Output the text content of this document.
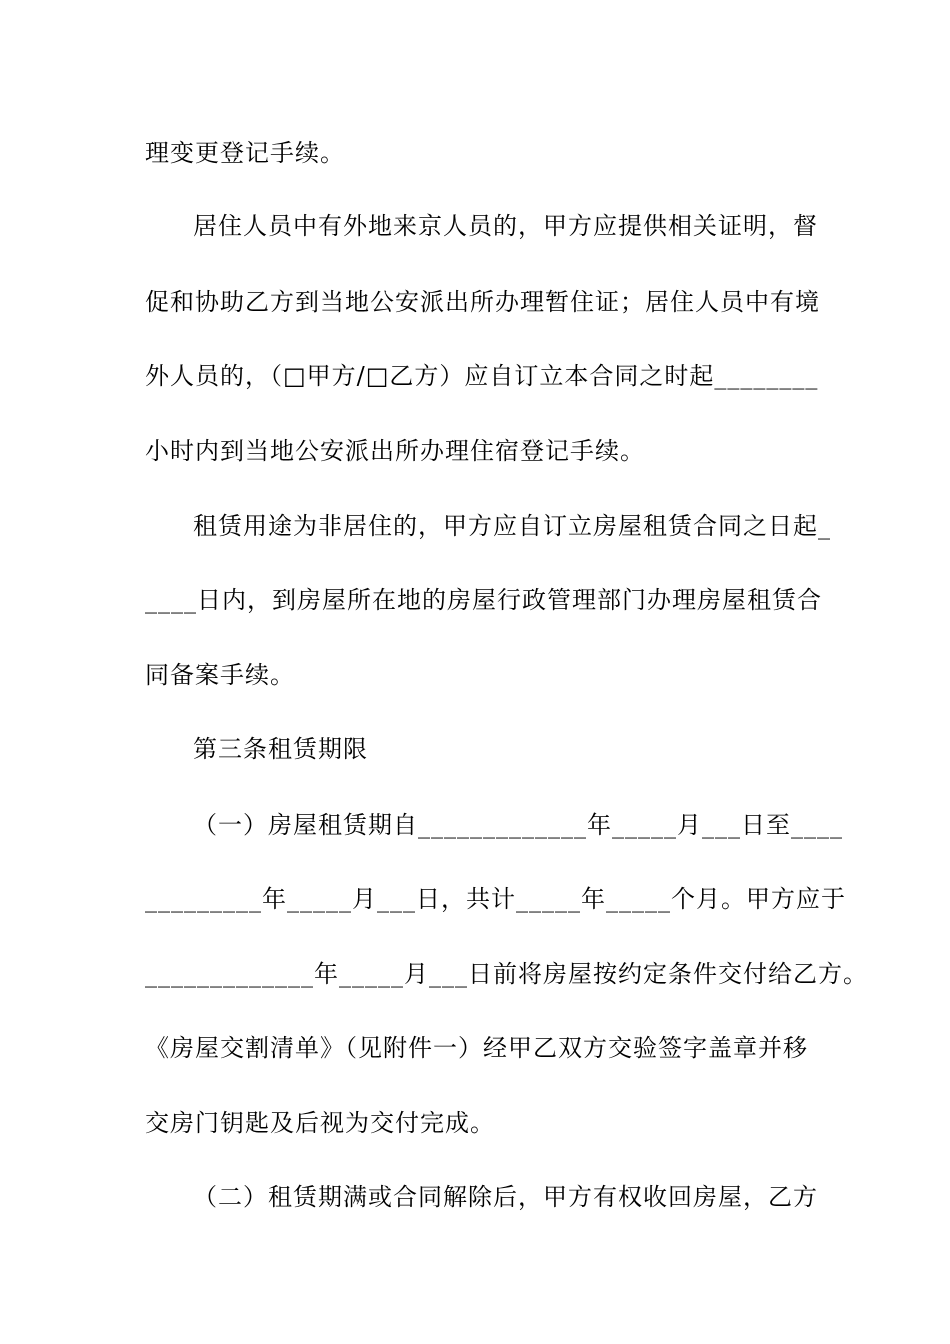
理变更登记手续。
居住人员中有外地来京人员的，甲方应提供相关证明，督
促和协助乙方到当地公安派出所办理暂住证；居住人员中有境
外人员的，（□甲方/□乙方）应自订立本合同之时起________
小时内到当地公安派出所办理住宿登记手续。
租赁用途为非居住的，甲方应自订立房屋租赁合同之日起_
____日内，到房屋所在地的房屋行政管理部门办理房屋租赁合
同备案手续。
第三条租赁期限
（一）房屋租赁期自_____________年_____月___日至____
_________年_____月___日，共计_____年_____个月。甲方应于
_____________年_____月___日前将房屋按约定条件交付给乙方。
《房屋交割清单》（见附件一）经甲乙双方交验签字盖章并移
交房门钥匙及后视为交付完成。
（二）租赁期满或合同解除后，甲方有权收回房屋，乙方
